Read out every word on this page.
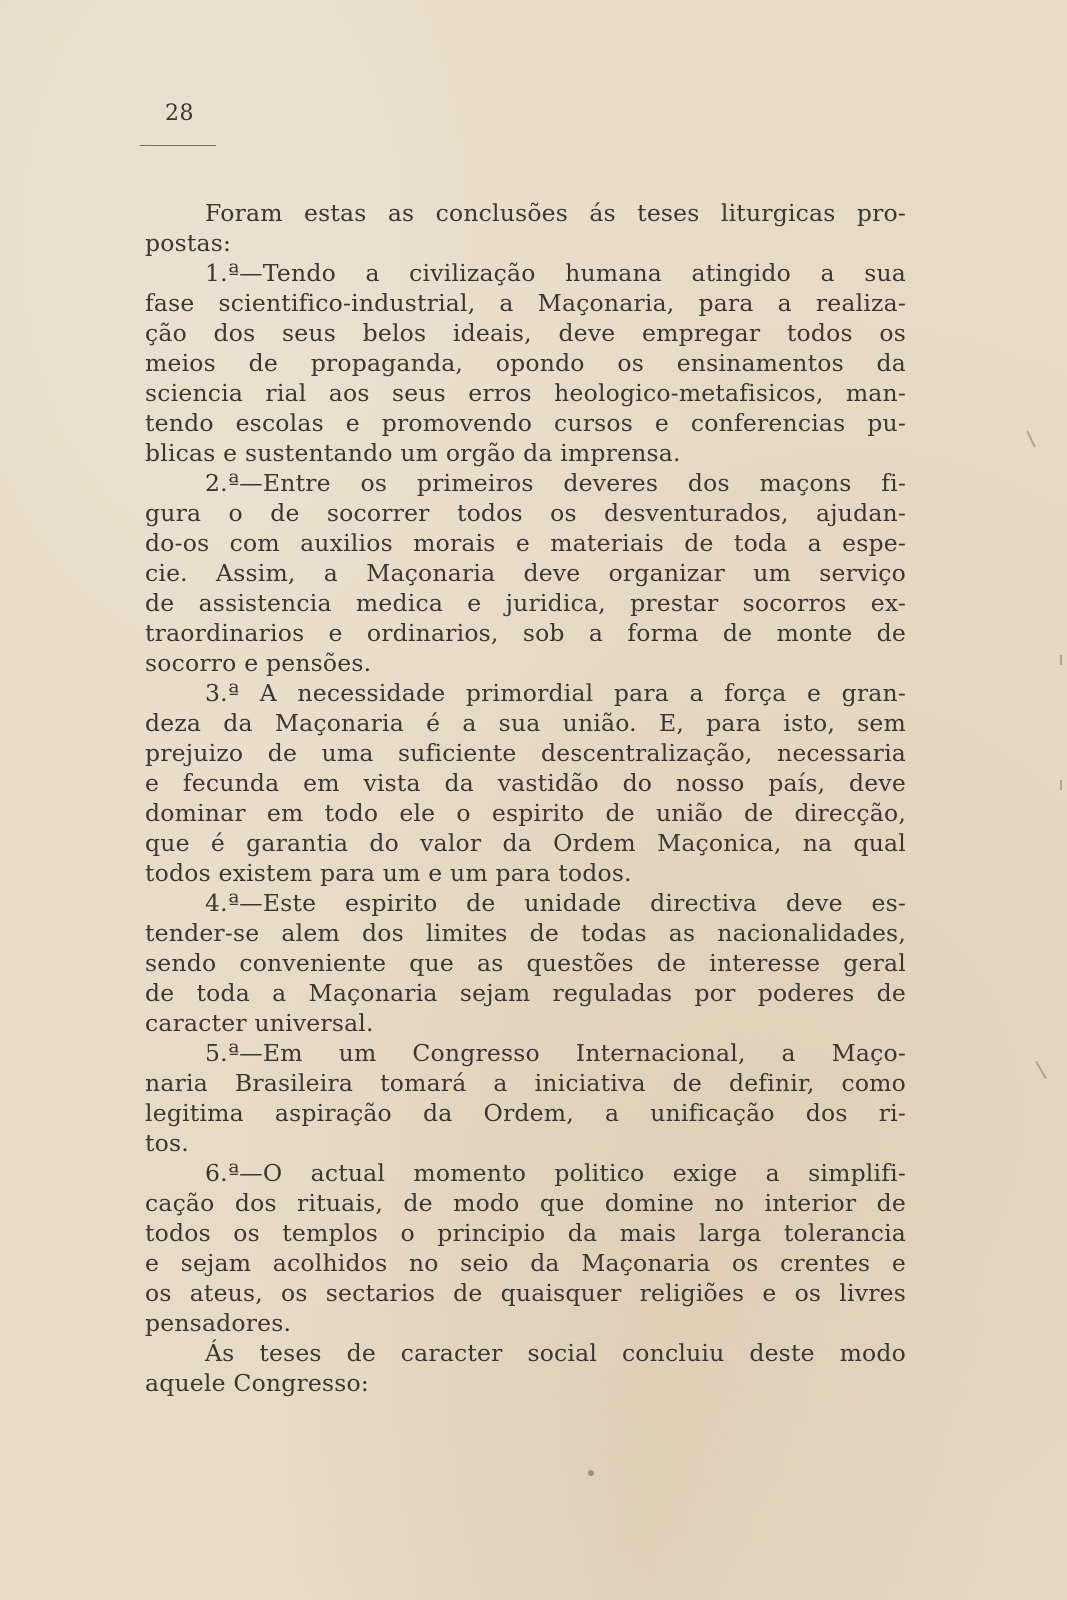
28
Foram estas as conclusões ás teses liturgicas pro-
postas:
1.ª—Tendo a civilização humana atingido a sua
fase scientifico-industrial, a Maçonaria, para a realiza-
ção dos seus belos ideais, deve empregar todos os
meios de propaganda, opondo os ensinamentos da
sciencia rial aos seus erros heologico-metafisicos, man-
tendo escolas e promovendo cursos e conferencias pu-
blicas e sustentando um orgão da imprensa.
2.ª—Entre os primeiros deveres dos maçons fi-
gura o de socorrer todos os desventurados, ajudan-
do-os com auxilios morais e materiais de toda a espe-
cie. Assim, a Maçonaria deve organizar um serviço
de assistencia medica e juridica, prestar socorros ex-
traordinarios e ordinarios, sob a forma de monte de
socorro e pensões.
3.ª A necessidade primordial para a força e gran-
deza da Maçonaria é a sua união. E, para isto, sem
prejuizo de uma suficiente descentralização, necessaria
e fecunda em vista da vastidão do nosso país, deve
dominar em todo ele o espirito de união de direcção,
que é garantia do valor da Ordem Maçonica, na qual
todos existem para um e um para todos.
4.ª—Este espirito de unidade directiva deve es-
tender-se alem dos limites de todas as nacionalidades,
sendo conveniente que as questões de interesse geral
de toda a Maçonaria sejam reguladas por poderes de
caracter universal.
5.ª—Em um Congresso Internacional, a Maço-
naria Brasileira tomará a iniciativa de definir, como
legitima aspiração da Ordem, a unificação dos ri-
tos.
6.ª—O actual momento politico exige a simplifi-
cação dos rituais, de modo que domine no interior de
todos os templos o principio da mais larga tolerancia
e sejam acolhidos no seio da Maçonaria os crentes e
os ateus, os sectarios de quaisquer religiões e os livres
pensadores.
Ás teses de caracter social concluiu deste modo
aquele Congresso:
